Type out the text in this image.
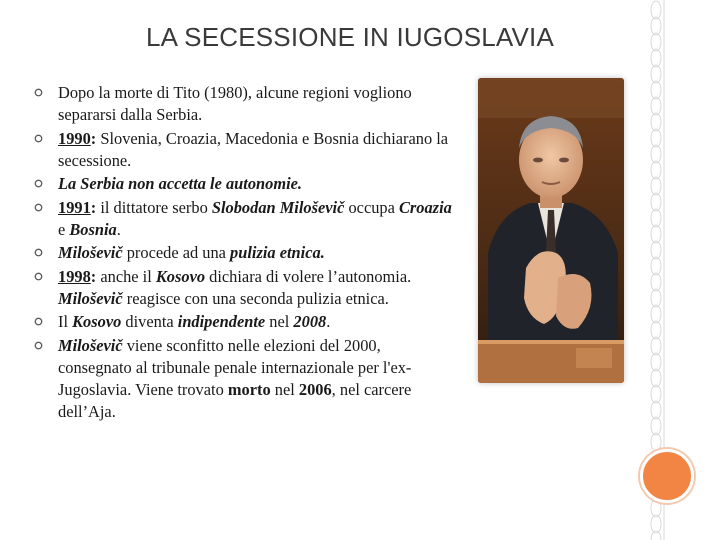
LA SECESSIONE IN IUGOSLAVIA
Dopo la morte di Tito (1980), alcune regioni vogliono separarsi dalla Serbia.
1990: Slovenia, Croazia, Macedonia e Bosnia dichiarano la secessione.
La Serbia non accetta le autonomie.
1991: il dittatore serbo Slobodan Miloševič occupa Croazia e Bosnia.
Miloševič procede ad una pulizia etnica.
1998: anche il Kosovo dichiara di volere l’autonomia. Miloševič reagisce con una seconda pulizia etnica.
Il Kosovo diventa indipendente nel 2008.
Miloševič viene sconfitto nelle elezioni del 2000, consegnato al tribunale penale internazionale per l'ex-Jugoslavia. Viene trovato morto nel 2006, nel carcere dell’Aja.
